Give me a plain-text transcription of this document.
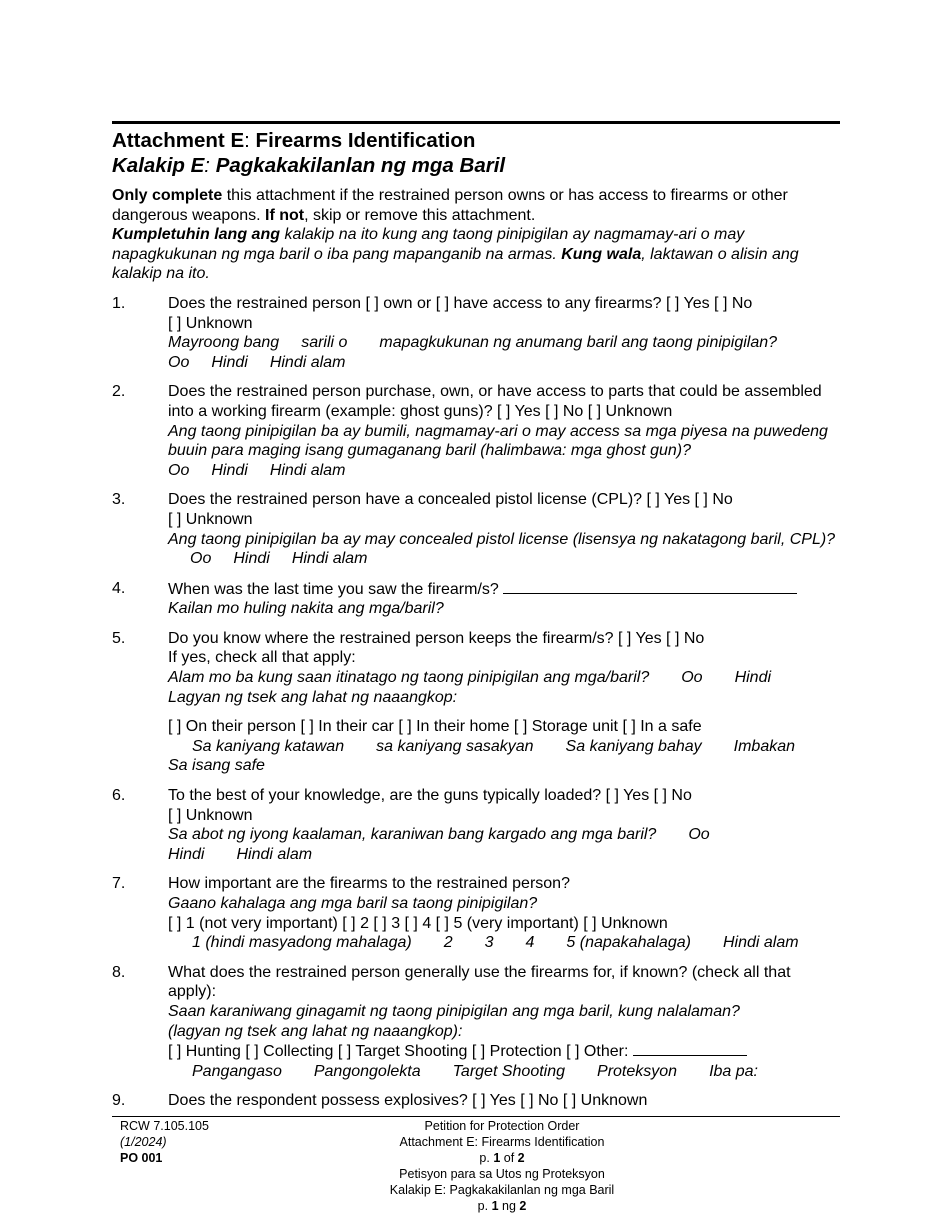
Attachment E: Firearms Identification
Kalakip E: Pagkakakilanlan ng mga Baril
Only complete this attachment if the restrained person owns or has access to firearms or other dangerous weapons. If not, skip or remove this attachment.
Kumpletuhin lang ang kalakip na ito kung ang taong pinipigilan ay nagmamay-ari o may napagkukunan ng mga baril o iba pang mapanganib na armas. Kung wala, laktawan o alisin ang kalakip na ito.
1.	Does the restrained person [ ] own or [ ] have access to any firearms? [ ] Yes [ ] No
[ ] Unknown
Mayroong bang sarili o mapagkukunan ng anumang baril ang taong pinipigilan?
Oo Hindi Hindi alam
2.	Does the restrained person purchase, own, or have access to parts that could be assembled into a working firearm (example: ghost guns)? [ ] Yes [ ] No [ ] Unknown
Ang taong pinipigilan ba ay bumili, nagmamay-ari o may access sa mga piyesa na puwedeng buuin para maging isang gumaganang baril (halimbawa: mga ghost gun)?
Oo Hindi Hindi alam
3.	Does the restrained person have a concealed pistol license (CPL)? [ ] Yes [ ] No
[ ] Unknown
Ang taong pinipigilan ba ay may concealed pistol license (lisensya ng nakatagong baril, CPL)?Oo Hindi Hindi alam
4.	When was the last time you saw the firearm/s?
Kailan mo huling nakita ang mga/baril?
5.	Do you know where the restrained person keeps the firearm/s? [ ] Yes [ ] No
If yes, check all that apply:
Alam mo ba kung saan itinatago ng taong pinipigilan ang mga/baril? Oo Hindi
Lagyan ng tsek ang lahat ng naaangkop:
[ ] On their person [ ] In their car [ ] In their home [ ] Storage unit [ ] In a safe
Sa kaniyang katawan sa kaniyang sasakyan Sa kaniyang bahay Imbakan
Sa isang safe
6.	To the best of your knowledge, are the guns typically loaded? [ ] Yes [ ] No
[ ] Unknown
Sa abot ng iyong kaalaman, karaniwan bang kargado ang mga baril? Oo
Hindi Hindi alam
7.	How important are the firearms to the restrained person?
Gaano kahalaga ang mga baril sa taong pinipigilan?
[ ] 1 (not very important) [ ] 2 [ ] 3 [ ] 4 [ ] 5 (very important) [ ] Unknown
1 (hindi masyadong mahalaga) 2 3 4 5 (napakahalaga) Hindi alam
8.	What does the restrained person generally use the firearms for, if known? (check all that apply):
Saan karaniwang ginagamit ng taong pinipigilan ang mga baril, kung nalalaman?
(lagyan ng tsek ang lahat ng naaangkop):
[ ] Hunting [ ] Collecting [ ] Target Shooting [ ] Protection [ ] Other:
Pangangaso Pangongolekta Target Shooting Proteksyon Iba pa:
9.	Does the respondent possess explosives? [ ] Yes [ ] No [ ] Unknown
RCW 7.105.105
(1/2024)
PO 001
Petition for Protection Order
Attachment E: Firearms Identification
p. 1 of 2
Petisyon para sa Utos ng Proteksyon
Kalakip E: Pagkakakilanlan ng mga Baril
p. 1 ng 2
